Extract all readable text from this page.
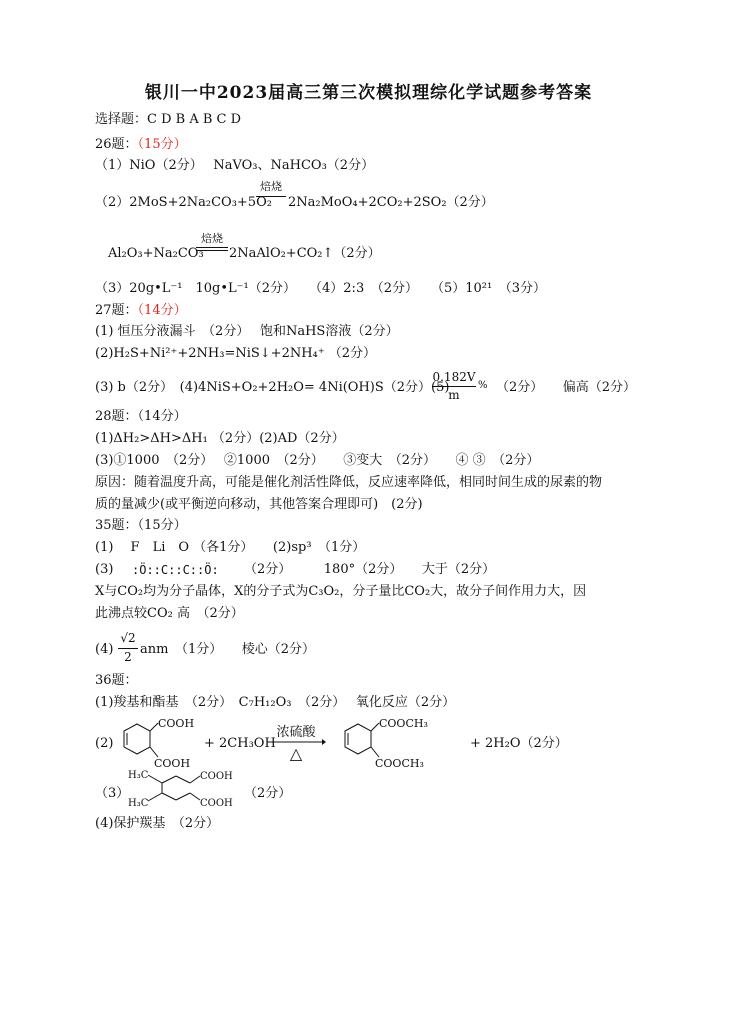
银川一中2023届高三第三次模拟理综化学试题参考答案
选择题：C D B A B C D
26题：（15分）
（1）NiO（2分）　 NaVO₃、NaHCO₃（2分）
（2）2MoS+2Na₂CO₃+5O₂
焙烧
2Na₂MoO₄+2CO₂+2SO₂（2分）
Al₂O₃+Na₂CO₃
焙烧
2NaAlO₂+CO₂↑（2分）
（3）20g•L⁻¹　10g•L⁻¹（2分）　　（4）2:3　（2分）　　（5）10²¹　（3分）
27题：（14分）
(1) 恒压分液漏斗　（2分）　 饱和NaHS溶液（2分）
(2)H₂S+Ni²⁺+2NH₃=NiS↓+2NH₄⁺ （2分）
(3) b（2分）　(4)4NiS+O₂+2H₂O= 4Ni(OH)S（2分）(5)
0.182V
m
% （2分）　　偏高（2分）
28题：（14分）
(1)ΔH₂>ΔH>ΔH₁ （2分）(2)AD（2分）
(3)①1000　（2分）　 ②1000　（2分）　　③变大　（2分）　　④ ③　（2分）
原因：随着温度升高，可能是催化剂活性降低，反应速率降低，相同时间生成的尿素的物
质的量减少(或平衡逆向移动，其他答案合理即可)　(2分)
35题：（15分）
(1)　 F　Li　O （各1分）　　(2)sp³　（1分）
(3) :Ö::C::C::Ö: （2分）　　　180°（2分）　　大于（2分）
X与CO₂均为分子晶体，X的分子式为C₃O₂，分子量比CO₂大，故分子间作用力大，因
此沸点较CO₂ 高　（2分）
(4)
√2
2 anm　（1分）　　棱心（2分）
36题：
(1)羧基和酯基　（2分）　C₇H₁₂O₃　（2分）　 氧化反应（2分）
(2)
COOH
COOH
+ 2CH₃OH
浓硫酸
△
COOCH₃
COOCH₃
+ 2H₂O（2分）
（3）
H₃C
H₃C
COOH
COOH
（2分）
(4)保护羰基　（2分）
